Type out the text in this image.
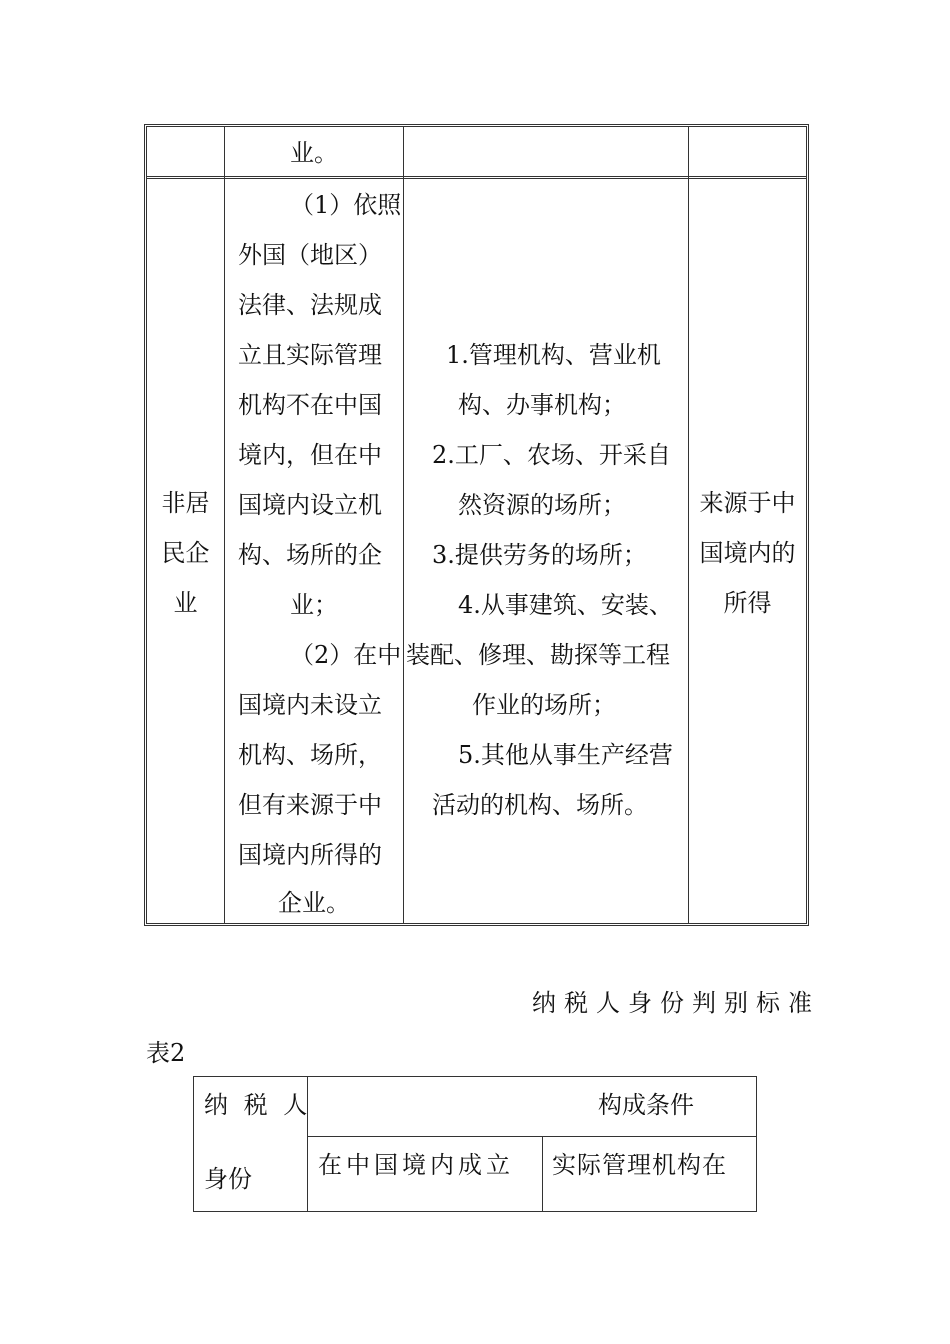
业。
非居
民企
业
（1）依照
外国（地区）
法律、法规成
立且实际管理
机构不在中国
境内，但在中
国境内设立机
构、场所的企
业；
（2）在中
国境内未设立
机构、场所，
但有来源于中
国境内所得的
企业。
1.管理机构、营业机
构、办事机构；
2.工厂、农场、开采自
然资源的场所；
3.提供劳务的场所；
4.从事建筑、安装、
装配、修理、勘探等工程
作业的场所；
5.其他从事生产经营
活动的机构、场所。
来源于中
国境内的
所得
纳税人身份判别标准
表2
纳 税 人
身份
构成条件
在中国境内成立 实际管理机构在
